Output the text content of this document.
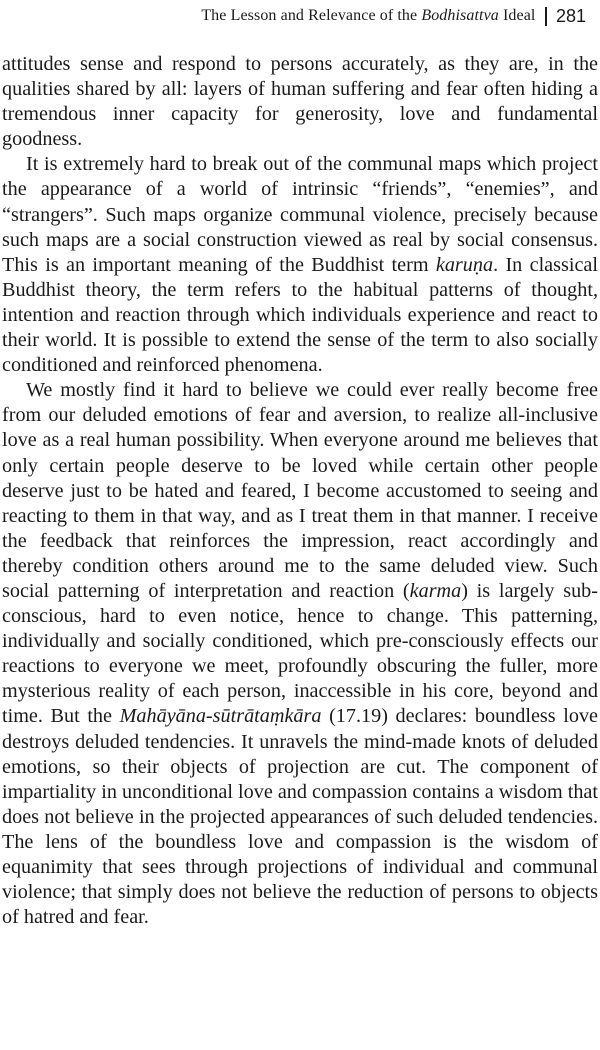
The Lesson and Relevance of the Bodhisattva Ideal 281

attitudes sense and respond to persons accurately, as they are, in the qualities shared by all: layers of human suffering and fear often hiding a tremendous inner capacity for generosity, love and fundamental goodness.

It is extremely hard to break out of the communal maps which project the appearance of a world of intrinsic “friends”, “enemies”, and “strangers”. Such maps organize communal violence, precisely because such maps are a social construction viewed as real by social consensus. This is an important meaning of the Buddhist term karuṇa. In classical Buddhist theory, the term refers to the habitual patterns of thought, intention and reaction through which individuals experience and react to their world. It is possible to extend the sense of the term to also socially conditioned and reinforced phenomena.

We mostly find it hard to believe we could ever really become free from our deluded emotions of fear and aversion, to realize all-inclusive love as a real human possibility. When everyone around me believes that only certain people deserve to be loved while certain other people deserve just to be hated and feared, I become accustomed to seeing and reacting to them in that way, and as I treat them in that manner. I receive the feedback that reinforces the impression, react accordingly and thereby condition others around me to the same deluded view. Such social patterning of interpretation and reaction (karma) is largely sub-conscious, hard to even notice, hence to change. This patterning, individually and socially conditioned, which pre-consciously effects our reactions to everyone we meet, profoundly obscuring the fuller, more mysterious reality of each person, inaccessible in his core, beyond and time. But the Mahāyāna-sūtrātaṃkāra (17.19) declares: boundless love destroys deluded tendencies. It unravels the mind-made knots of deluded emotions, so their objects of projection are cut. The component of impartiality in unconditional love and compassion contains a wisdom that does not believe in the projected appearances of such deluded tendencies. The lens of the boundless love and compassion is the wisdom of equanimity that sees through projections of individual and communal violence; that simply does not believe the reduction of persons to objects of hatred and fear.
